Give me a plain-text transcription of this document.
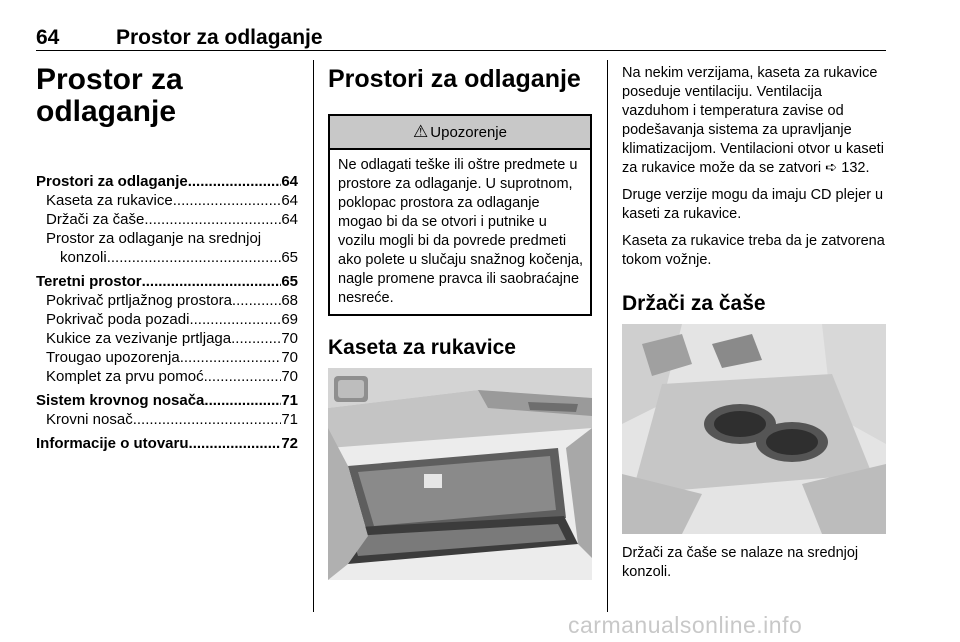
64	Prostor za odlaganje
Prostor za
odlaganje
Prostori za odlaganje .....	64
Kaseta za rukavice .....	64
Držači za čaše .....	64
Prostor za odlaganje na srednjoj
konzoli .....	65
Teretni prostor .....	65
Pokrivač prtljažnog prostora .....	68
Pokrivač poda pozadi .....	69
Kukice za vezivanje prtljaga .....	70
Trougao upozorenja .....	70
Komplet za prvu pomoć .....	70
Sistem krovnog nosača .....	71
Krovni nosač .....	71
Informacije o utovaru .....	72
Prostori za odlaganje
⚠ Upozorenje
Ne odlagati teške ili oštre predmete u prostore za odlaganje. U suprotnom, poklopac prostora za odlaganje mogao bi da se otvori i putnike u vozilu mogli bi da povrede predmeti ako polete u slučaju snažnog kočenja, nagle promene pravca ili saobraćajne nesreće.
Kaseta za rukavice

Na nekim verzijama, kaseta za rukavice poseduje ventilaciju. Ventilacija vazduhom i temperatura zavise od podešavanja sistema za upravljanje klimatizacijom. Ventilacioni otvor u kaseti za rukavice može da se zatvori ➪ 132.

Druge verzije mogu da imaju CD plejer u kaseti za rukavice.

Kaseta za rukavice treba da je zatvorena tokom vožnje.

Držači za čaše

Držači za čaše se nalaze na srednjoj konzoli.

carmanualsonline.info
